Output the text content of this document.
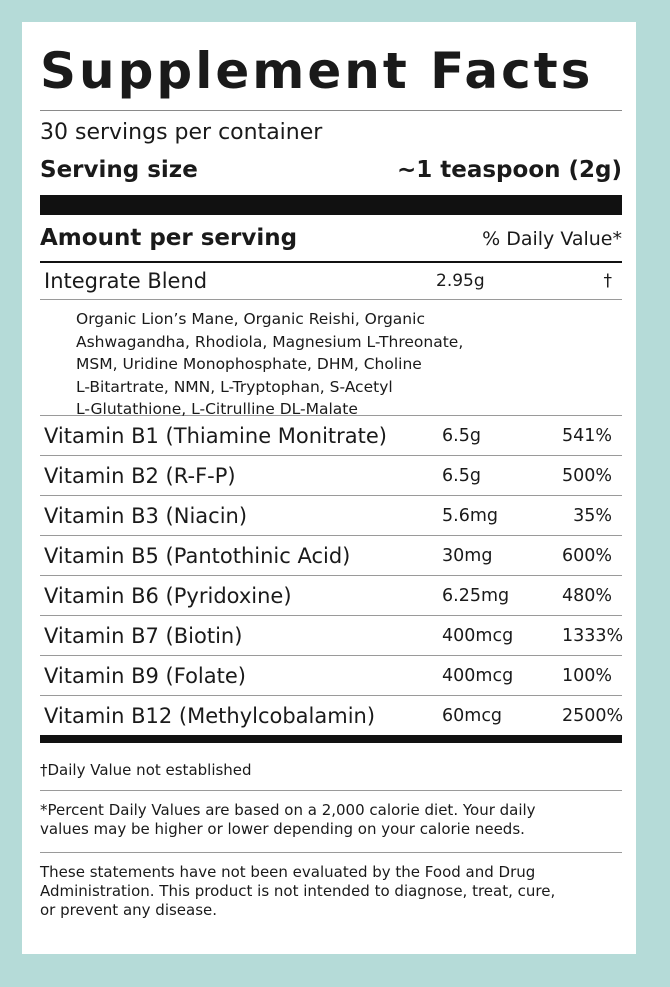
Supplement Facts
30 servings per container
Serving size	~1 teaspoon (2g)
Amount per serving	% Daily Value*
Integrate Blend	2.95g	†
Organic Lion’s Mane, Organic Reishi, Organic
Ashwagandha, Rhodiola, Magnesium L-Threonate,
MSM, Uridine Monophosphate, DHM, Choline
L-Bitartrate, NMN, L-Tryptophan, S-Acetyl
L-Glutathione, L-Citrulline DL-Malate
Vitamin B1 (Thiamine Monitrate)	6.5g	541%
Vitamin B2 (R-F-P)	6.5g	500%
Vitamin B3 (Niacin)	5.6mg	35%
Vitamin B5 (Pantothinic Acid)	30mg	600%
Vitamin B6 (Pyridoxine)	6.25mg	480%
Vitamin B7 (Biotin)	400mcg	1333%
Vitamin B9 (Folate)	400mcg	100%
Vitamin B12 (Methylcobalamin)	60mcg	2500%
†Daily Value not established
*Percent Daily Values are based on a 2,000 calorie diet. Your daily
values may be higher or lower depending on your calorie needs.
These statements have not been evaluated by the Food and Drug
Administration. This product is not intended to diagnose, treat, cure,
or prevent any disease.
